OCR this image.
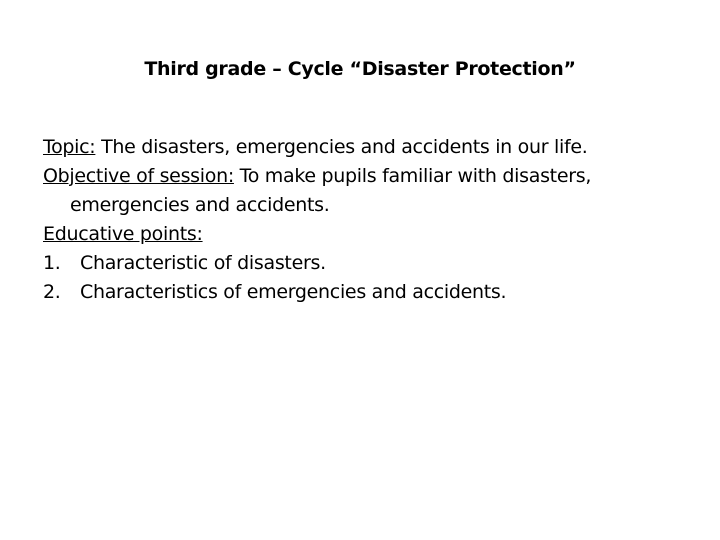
Third grade – Cycle “Disaster Protection”
Topic: The disasters, emergencies and accidents in our life.
Objective of session: To make pupils familiar with disasters,
emergencies and accidents.
Educative points:
1. Characteristic of disasters.
2. Characteristics of emergencies and accidents.
